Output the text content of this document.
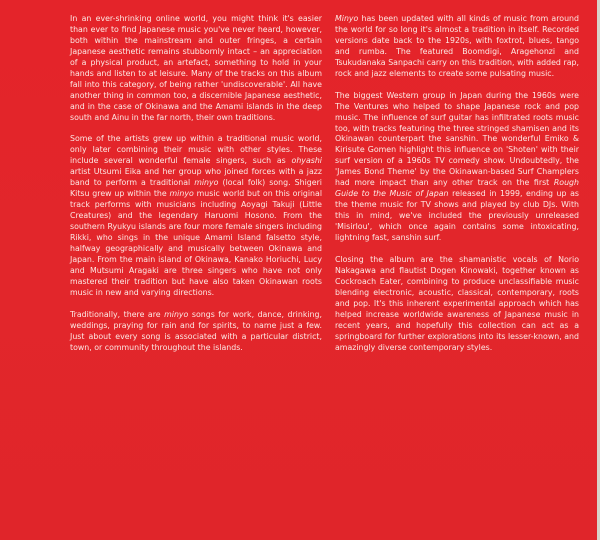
In an ever-shrinking online world, you might think it's easier than ever to find Japanese music you've never heard, however, both within the mainstream and outer fringes, a certain Japanese aesthetic remains stubbornly intact – an appreciation of a physical product, an artefact, something to hold in your hands and listen to at leisure. Many of the tracks on this album fall into this category, of being rather 'undiscoverable'. All have another thing in common too, a discernible Japanese aesthetic, and in the case of Okinawa and the Amami islands in the deep south and Ainu in the far north, their own traditions.

Some of the artists grew up within a traditional music world, only later combining their music with other styles. These include several wonderful female singers, such as ohyashi artist Utsumi Eika and her group who joined forces with a jazz band to perform a traditional minyo (local folk) song. Shigeri Kitsu grew up within the minyo music world but on this original track performs with musicians including Aoyagi Takuji (Little Creatures) and the legendary Haruomi Hosono. From the southern Ryukyu islands are four more female singers including Rikki, who sings in the unique Amami Island falsetto style, halfway geographically and musically between Okinawa and Japan. From the main island of Okinawa, Kanako Horiuchi, Lucy and Mutsumi Aragaki are three singers who have not only mastered their tradition but have also taken Okinawan roots music in new and varying directions.

Traditionally, there are minyo songs for work, dance, drinking, weddings, praying for rain and for spirits, to name just a few. Just about every song is associated with a particular district, town, or community throughout the islands.

Minyo has been updated with all kinds of music from around the world for so long it's almost a tradition in itself. Recorded versions date back to the 1920s, with foxtrot, blues, tango and rumba. The featured Boomdigi, Aragehonzi and Tsukudanaka Sanpachi carry on this tradition, with added rap, rock and jazz elements to create some pulsating music.

The biggest Western group in Japan during the 1960s were The Ventures who helped to shape Japanese rock and pop music. The influence of surf guitar has infiltrated roots music too, with tracks featuring the three stringed shamisen and its Okinawan counterpart the sanshin. The wonderful Emiko & Kirisute Gomen highlight this influence on 'Shoten' with their surf version of a 1960s TV comedy show. Undoubtedly, the 'James Bond Theme' by the Okinawan-based Surf Champlers had more impact than any other track on the first Rough Guide to the Music of Japan released in 1999, ending up as the theme music for TV shows and played by club DJs. With this in mind, we've included the previously unreleased 'Misirlou', which once again contains some intoxicating, lightning fast, sanshin surf.

Closing the album are the shamanistic vocals of Norio Nakagawa and flautist Dogen Kinowaki, together known as Cockroach Eater, combining to produce unclassifiable music blending electronic, acoustic, classical, contemporary, roots and pop. It's this inherent experimental approach which has helped increase worldwide awareness of Japanese music in recent years, and hopefully this collection can act as a springboard for further explorations into its lesser-known, and amazingly diverse contemporary styles.
